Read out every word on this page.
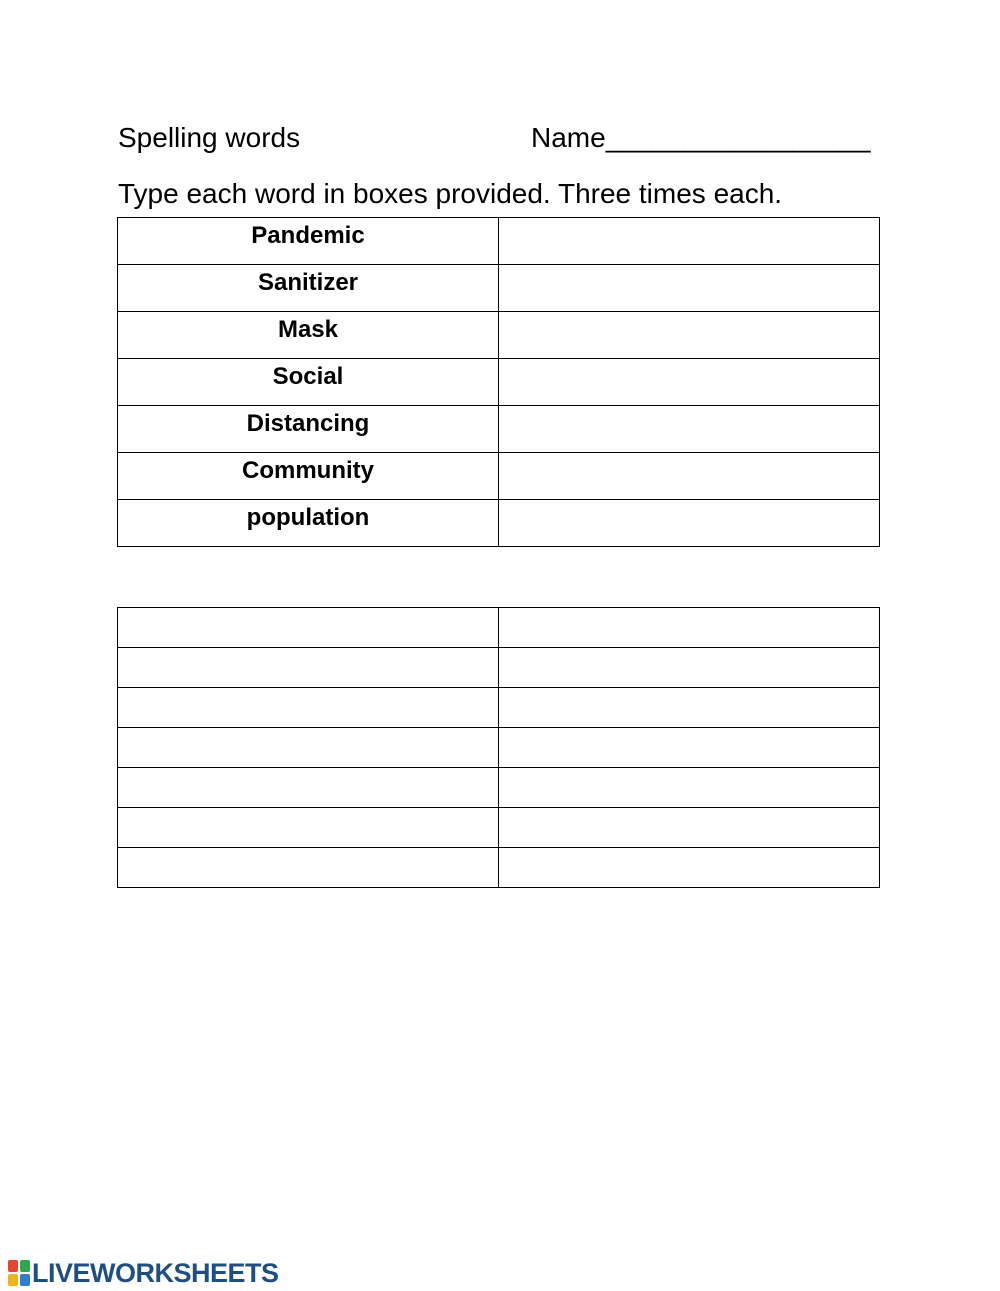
Spelling words	Name_________________
Type each word in boxes provided. Three times each.
Pandemic	
Sanitizer	
Mask	
Social	
Distancing	
Community	
population	

LIVEWORKSHEETS
